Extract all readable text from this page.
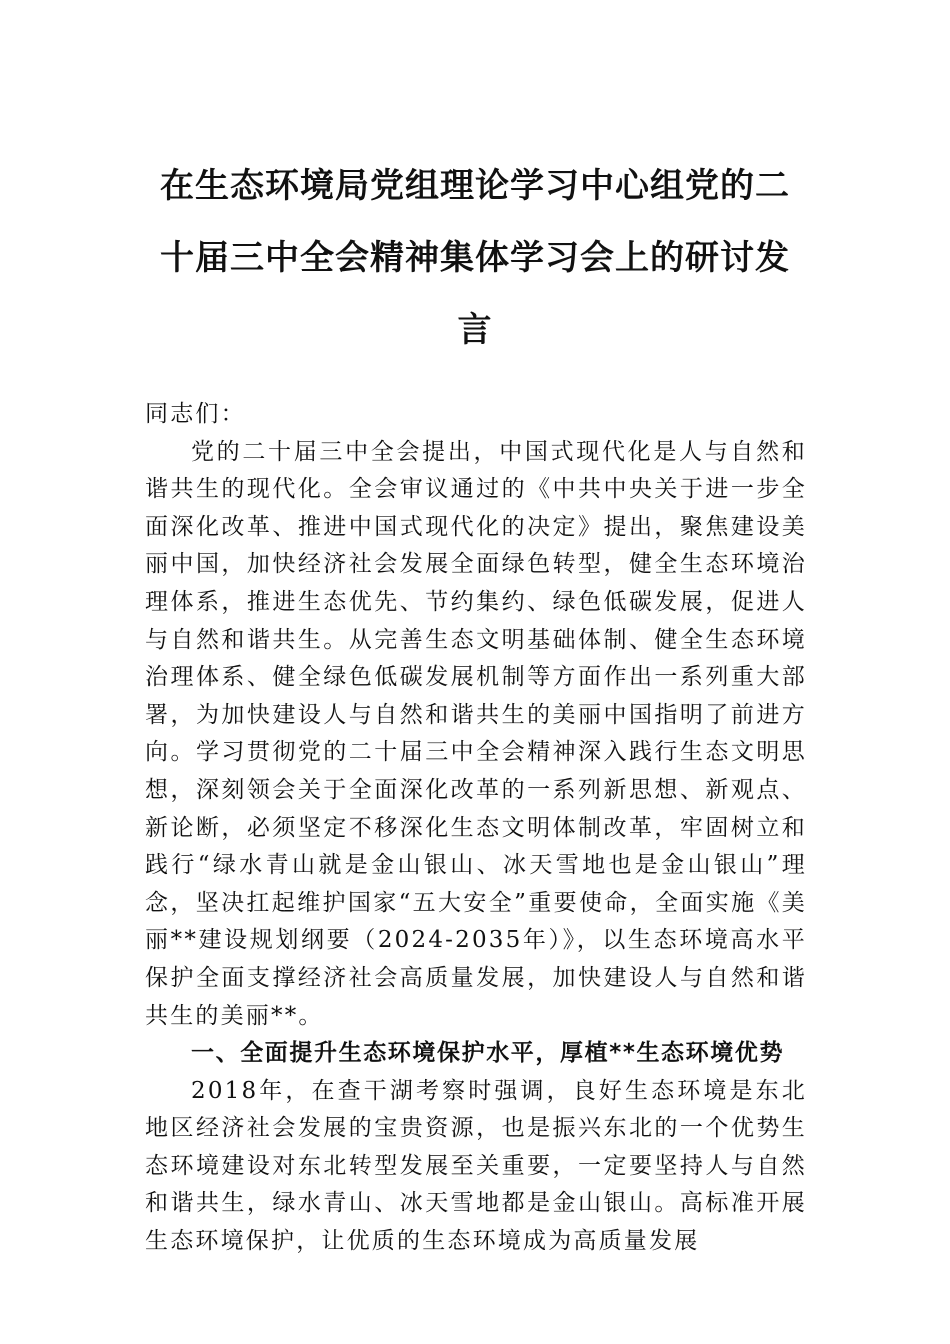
在生态环境局党组理论学习中心组党的二十届三中全会精神集体学习会上的研讨发言

同志们：

党的二十届三中全会提出，中国式现代化是人与自然和谐共生的现代化。全会审议通过的《中共中央关于进一步全面深化改革、推进中国式现代化的决定》提出，聚焦建设美丽中国，加快经济社会发展全面绿色转型，健全生态环境治理体系，推进生态优先、节约集约、绿色低碳发展，促进人与自然和谐共生。从完善生态文明基础体制、健全生态环境治理体系、健全绿色低碳发展机制等方面作出一系列重大部署，为加快建设人与自然和谐共生的美丽中国指明了前进方向。学习贯彻党的二十届三中全会精神深入践行生态文明思想，深刻领会关于全面深化改革的一系列新思想、新观点、新论断，必须坚定不移深化生态文明体制改革，牢固树立和践行“绿水青山就是金山银山、冰天雪地也是金山银山”理念，坚决扛起维护国家“五大安全”重要使命，全面实施《美丽**建设规划纲要（2024-2035年）》，以生态环境高水平保护全面支撑经济社会高质量发展，加快建设人与自然和谐共生的美丽**。

一、全面提升生态环境保护水平，厚植**生态环境优势

2018年，在查干湖考察时强调，良好生态环境是东北地区经济社会发展的宝贵资源，也是振兴东北的一个优势生态环境建设对东北转型发展至关重要，一定要坚持人与自然和谐共生，绿水青山、冰天雪地都是金山银山。高标准开展生态环境保护，让优质的生态环境成为高质量发展
